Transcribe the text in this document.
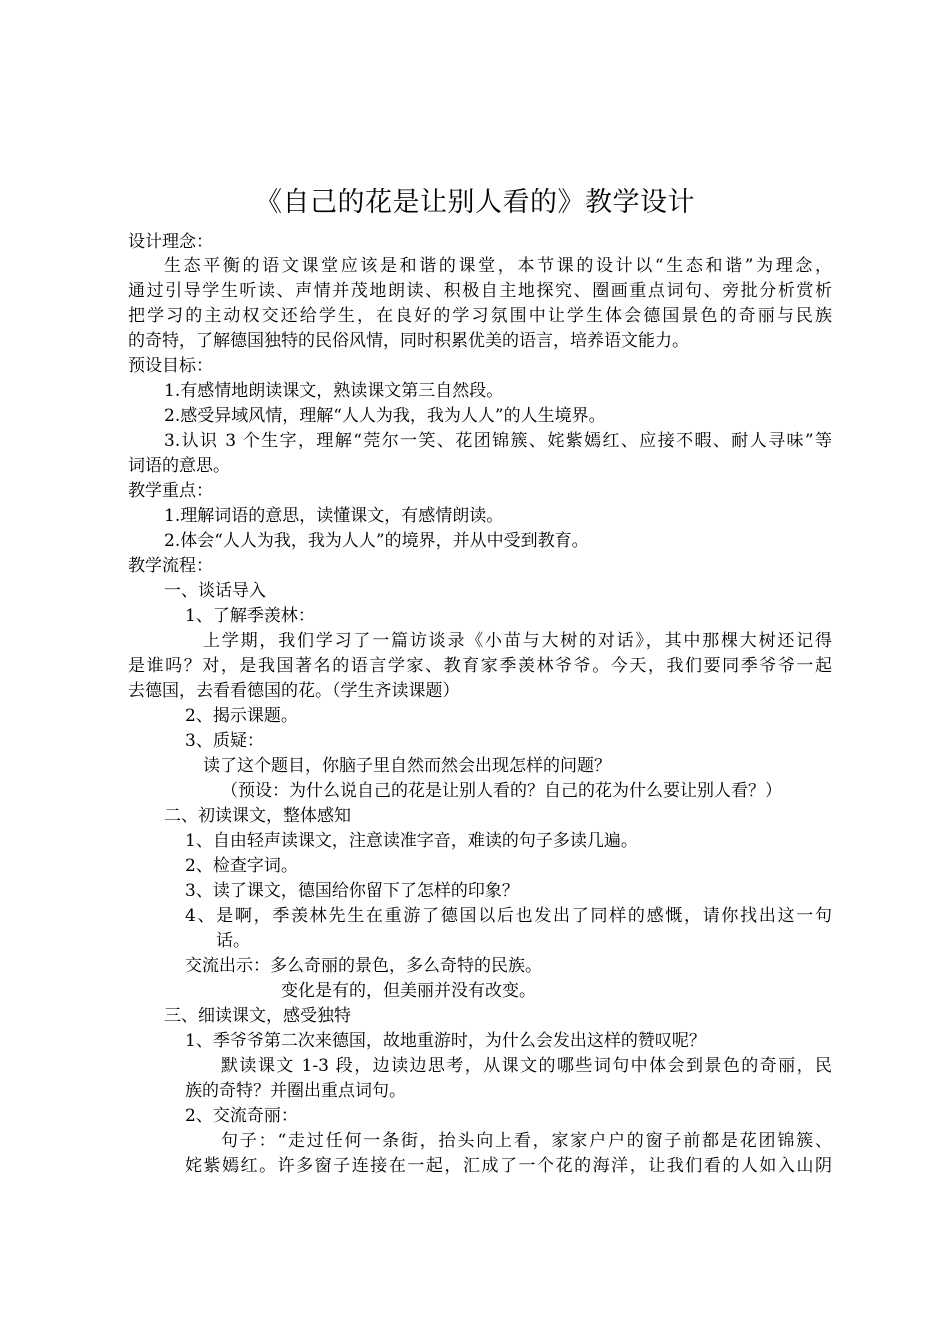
《自己的花是让别人看的》教学设计
设计理念：
生态平衡的语文课堂应该是和谐的课堂，本节课的设计以“生态和谐”为理念，
通过引导学生听读、声情并茂地朗读、积极自主地探究、圈画重点词句、旁批分析赏析
把学习的主动权交还给学生，在良好的学习氛围中让学生体会德国景色的奇丽与民族
的奇特，了解德国独特的民俗风情，同时积累优美的语言，培养语文能力。
预设目标：
1.有感情地朗读课文，熟读课文第三自然段。
2.感受异域风情，理解“人人为我，我为人人”的人生境界。
3.认识 3 个生字，理解“莞尔一笑、花团锦簇、姹紫嫣红、应接不暇、耐人寻味”等
词语的意思。
教学重点：
1.理解词语的意思，读懂课文，有感情朗读。
2.体会“人人为我，我为人人”的境界，并从中受到教育。
教学流程：
一、谈话导入
1、了解季羡林：
上学期，我们学习了一篇访谈录《小苗与大树的对话》，其中那棵大树还记得
是谁吗？对，是我国著名的语言学家、教育家季羡林爷爷。今天，我们要同季爷爷一起
去德国，去看看德国的花。（学生齐读课题）
2、揭示课题。
3、质疑：
读了这个题目，你脑子里自然而然会出现怎样的问题？
（预设：为什么说自己的花是让别人看的？自己的花为什么要让别人看？）
二、初读课文，整体感知
1、自由轻声读课文，注意读准字音，难读的句子多读几遍。
2、检查字词。
3、读了课文，德国给你留下了怎样的印象？
4、是啊，季羡林先生在重游了德国以后也发出了同样的感慨，请你找出这一句
话。
交流出示：多么奇丽的景色，多么奇特的民族。
变化是有的，但美丽并没有改变。
三、细读课文，感受独特
1、季爷爷第二次来德国，故地重游时，为什么会发出这样的赞叹呢？
默读课文 1-3 段，边读边思考，从课文的哪些词句中体会到景色的奇丽，民
族的奇特？并圈出重点词句。
2、交流奇丽：
句子：“走过任何一条街，抬头向上看，家家户户的窗子前都是花团锦簇、
姹紫嫣红。许多窗子连接在一起，汇成了一个花的海洋，让我们看的人如入山阴
